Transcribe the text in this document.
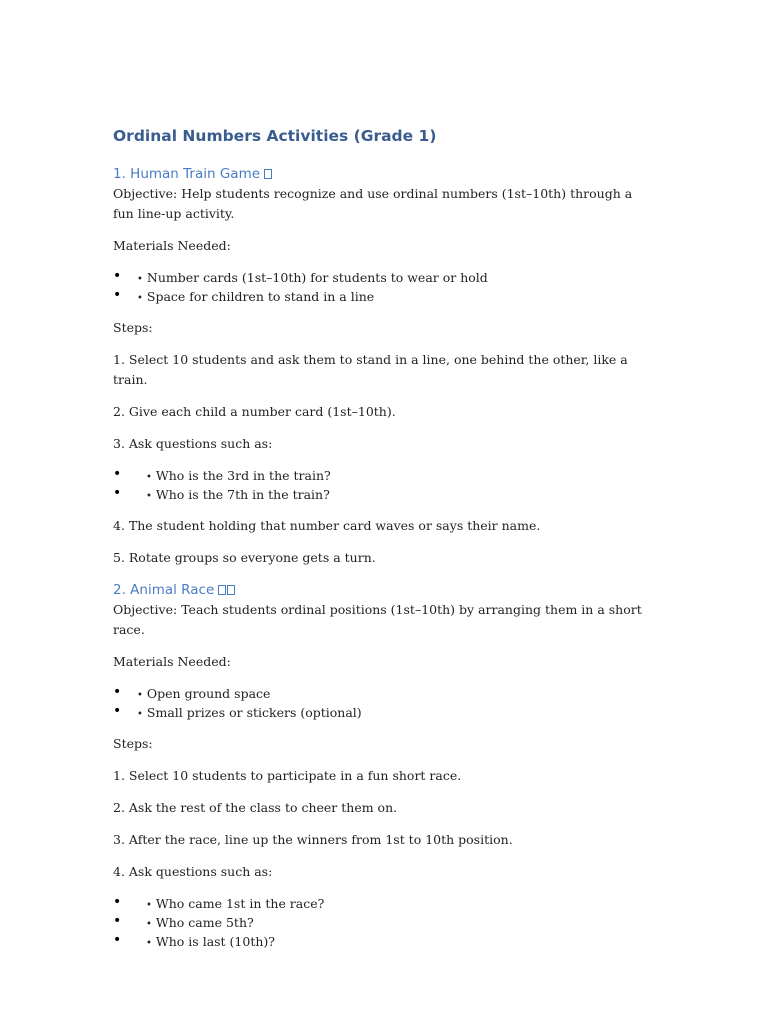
Ordinal Numbers Activities (Grade 1)
1. Human Train Game

Objective: Help students recognize and use ordinal numbers (1st–10th) through a fun line-up activity.

Materials Needed:

• • Number cards (1st–10th) for students to wear or hold
• • Space for children to stand in a line

Steps:

1. Select 10 students and ask them to stand in a line, one behind the other, like a train.

2. Give each child a number card (1st–10th).

3. Ask questions such as:

• • Who is the 3rd in the train?
• • Who is the 7th in the train?

4. The student holding that number card waves or says their name.

5. Rotate groups so everyone gets a turn.

2. Animal Race

Objective: Teach students ordinal positions (1st–10th) by arranging them in a short race.

Materials Needed:

• • Open ground space
• • Small prizes or stickers (optional)

Steps:

1. Select 10 students to participate in a fun short race.

2. Ask the rest of the class to cheer them on.

3. After the race, line up the winners from 1st to 10th position.

4. Ask questions such as:

• • Who came 1st in the race?
• • Who came 5th?
• • Who is last (10th)?
